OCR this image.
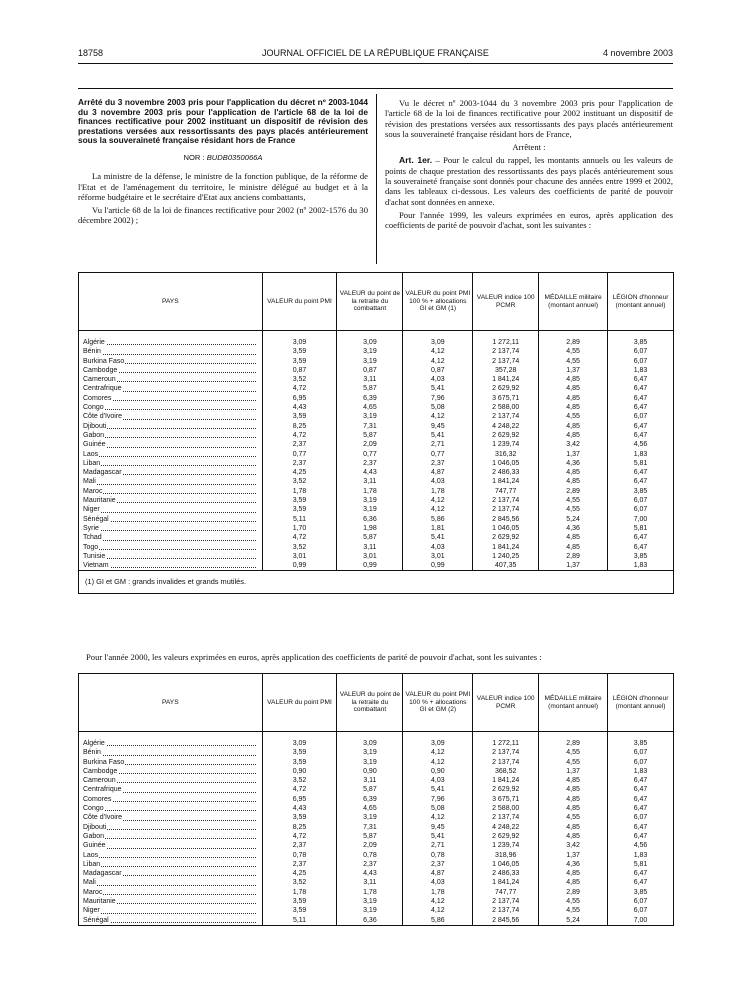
18758	JOURNAL OFFICIEL DE LA RÉPUBLIQUE FRANÇAISE	4 novembre 2003

Arrêté du 3 novembre 2003 pris pour l'application du décret nº 2003-1044 du 3 novembre 2003 pris pour l'application de l'article 68 de la loi de finances rectificative pour 2002 instituant un dispositif de révision des prestations versées aux ressortissants des pays placés antérieurement sous la souveraineté française résidant hors de France

NOR : BUDB0350066A

La ministre de la défense, le ministre de la fonction publique, de la réforme de l'Etat et de l'aménagement du territoire, le ministre délégué au budget et à la réforme budgétaire et le secrétaire d'Etat aux anciens combattants,

Vu l'article 68 de la loi de finances rectificative pour 2002 (nº 2002-1576 du 30 décembre 2002) ;

Vu le décret nº 2003-1044 du 3 novembre 2003 pris pour l'application de l'article 68 de la loi de finances rectificative pour 2002 instituant un dispositif de révision des prestations versées aux ressortissants des pays placés antérieurement sous la souveraineté française résidant hors de France,

Arrêtent :

Art. 1er. – Pour le calcul du rappel, les montants annuels ou les valeurs de points de chaque prestation des ressortissants des pays placés antérieurement sous la souveraineté française sont donnés pour chacune des années entre 1999 et 2002, dans les tableaux ci-dessous. Les valeurs des coefficients de parité de pouvoir d'achat sont données en annexe.

Pour l'année 1999, les valeurs exprimées en euros, après application des coefficients de parité de pouvoir d'achat, sont les suivantes :

PAYS	VALEUR du point PMI	VALEUR du point de la retraite du combattant	VALEUR du point PMI 100 % + allocations GI et GM (1)	VALEUR indice 100 PCMR	MÉDAILLE militaire (montant annuel)	LÉGION d'honneur (montant annuel)

Algérie	3,09	3,09	3,09	1 272,11	2,89	3,85

Bénin	3,59	3,19	4,12	2 137,74	4,55	6,07

Burkina Faso	3,59	3,19	4,12	2 137,74	4,55	6,07

Cambodge	0,87	0,87	0,87	357,28	1,37	1,83

Cameroun	3,52	3,11	4,03	1 841,24	4,85	6,47

Centrafrique	4,72	5,87	5,41	2 629,92	4,85	6,47

Comores	6,95	6,39	7,96	3 675,71	4,85	6,47

Congo	4,43	4,65	5,08	2 588,00	4,85	6,47

Côte d'Ivoire	3,59	3,19	4,12	2 137,74	4,55	6,07

Djibouti	8,25	7,31	9,45	4 248,22	4,85	6,47

Gabon	4,72	5,87	5,41	2 629,92	4,85	6,47

Guinée	2,37	2,09	2,71	1 239,74	3,42	4,56

Laos	0,77	0,77	0,77	316,32	1,37	1,83

Liban	2,37	2,37	2,37	1 046,05	4,36	5,81

Madagascar	4,25	4,43	4,87	2 486,33	4,85	6,47

Mali	3,52	3,11	4,03	1 841,24	4,85	6,47

Maroc	1,78	1,78	1,78	747,77	2,89	3,85

Mauritanie	3,59	3,19	4,12	2 137,74	4,55	6,07

Niger	3,59	3,19	4,12	2 137,74	4,55	6,07

Sénégal	5,11	6,36	5,86	2 845,56	5,24	7,00

Syrie	1,70	1,98	1,81	1 046,05	4,36	5,81

Tchad	4,72	5,87	5,41	2 629,92	4,85	6,47

Togo	3,52	3,11	4,03	1 841,24	4,85	6,47

Tunisie	3,01	3,01	3,01	1 240,25	2,89	3,85

Vietnam	0,99	0,99	0,99	407,35	1,37	1,83
(1) GI et GM : grands invalides et grands mutilés.						
Pour l'année 2000, les valeurs exprimées en euros, après application des coefficients de parité de pouvoir d'achat, sont les suivantes :
PAYS	VALEUR du point PMI	VALEUR du point de la retraite du combattant	VALEUR du point PMI 100 % + allocations GI et GM (2)	VALEUR indice 100 PCMR	MÉDAILLE militaire (montant annuel)	LÉGION d'honneur (montant annuel)

Algérie	3,09	3,09	3,09	1 272,11	2,89	3,85

Bénin	3,59	3,19	4,12	2 137,74	4,55	6,07

Burkina Faso	3,59	3,19	4,12	2 137,74	4,55	6,07

Cambodge	0,90	0,90	0,90	368,52	1,37	1,83

Cameroun	3,52	3,11	4,03	1 841,24	4,85	6,47

Centrafrique	4,72	5,87	5,41	2 629,92	4,85	6,47

Comores	6,95	6,39	7,96	3 675,71	4,85	6,47

Congo	4,43	4,65	5,08	2 588,00	4,85	6,47

Côte d'Ivoire	3,59	3,19	4,12	2 137,74	4,55	6,07

Djibouti	8,25	7,31	9,45	4 248,22	4,85	6,47

Gabon	4,72	5,87	5,41	2 629,92	4,85	6,47

Guinée	2,37	2,09	2,71	1 239,74	3,42	4,56

Laos	0,78	0,78	0,78	318,96	1,37	1,83

Liban	2,37	2,37	2,37	1 046,05	4,36	5,81

Madagascar	4,25	4,43	4,87	2 486,33	4,85	6,47

Mali	3,52	3,11	4,03	1 841,24	4,85	6,47

Maroc	1,78	1,78	1,78	747,77	2,89	3,85

Mauritanie	3,59	3,19	4,12	2 137,74	4,55	6,07

Niger	3,59	3,19	4,12	2 137,74	4,55	6,07

Sénégal	5,11	6,36	5,86	2 845,56	5,24	7,00
